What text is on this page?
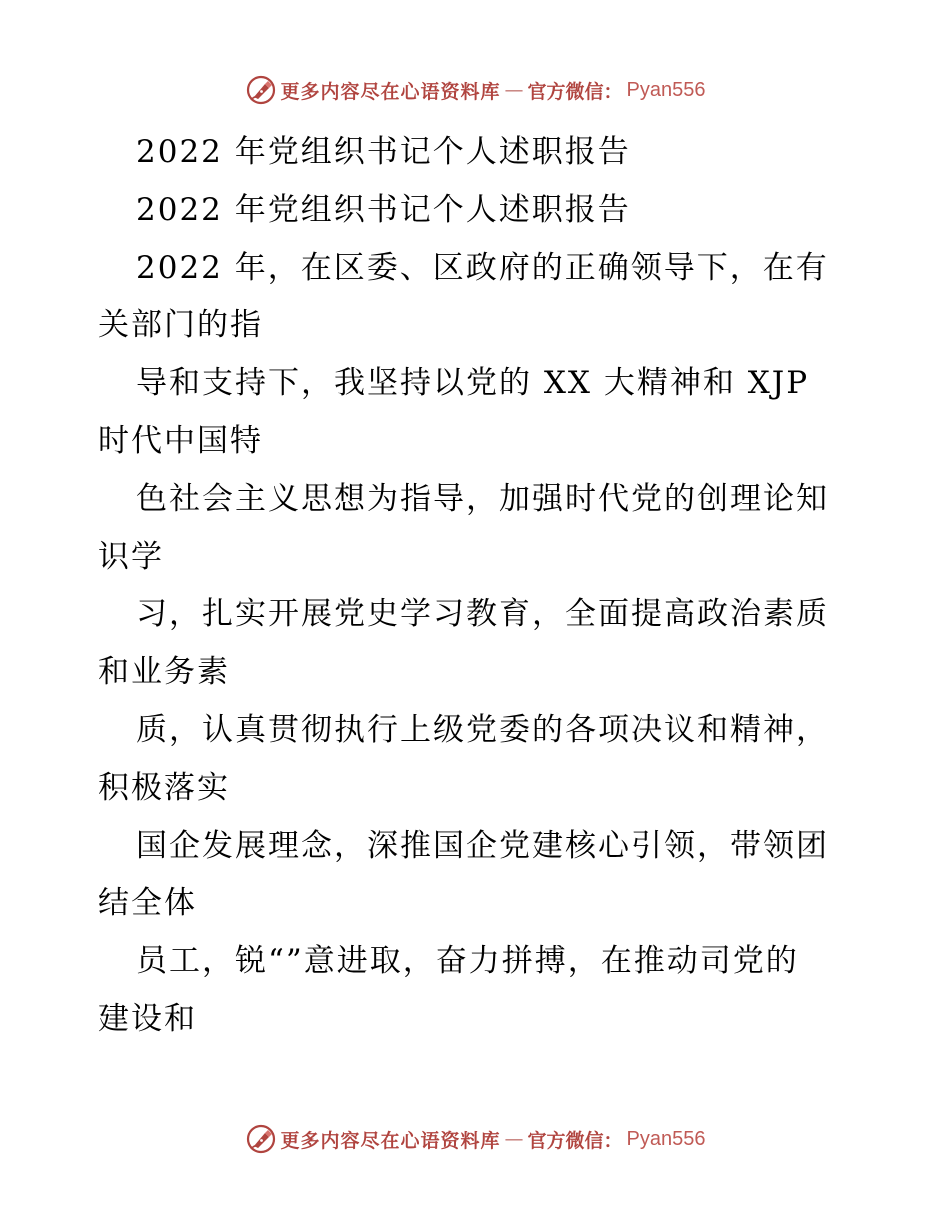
更多内容尽在心语资料库 — 官方微信： Pyan556
2022 年党组织书记个人述职报告
2022 年党组织书记个人述职报告
2022 年，在区委、区政府的正确领导下，在有
关部门的指
导和支持下，我坚持以党的 XX 大精神和 XJP
时代中国特
色社会主义思想为指导，加强时代党的创理论知
识学
习，扎实开展党史学习教育，全面提高政治素质
和业务素
质，认真贯彻执行上级党委的各项决议和精神，
积极落实
国企发展理念，深推国企党建核心引领，带领团
结全体
员工，锐“”意进取，奋力拼搏，在推动司党的
建设和
更多内容尽在心语资料库 — 官方微信： Pyan556
